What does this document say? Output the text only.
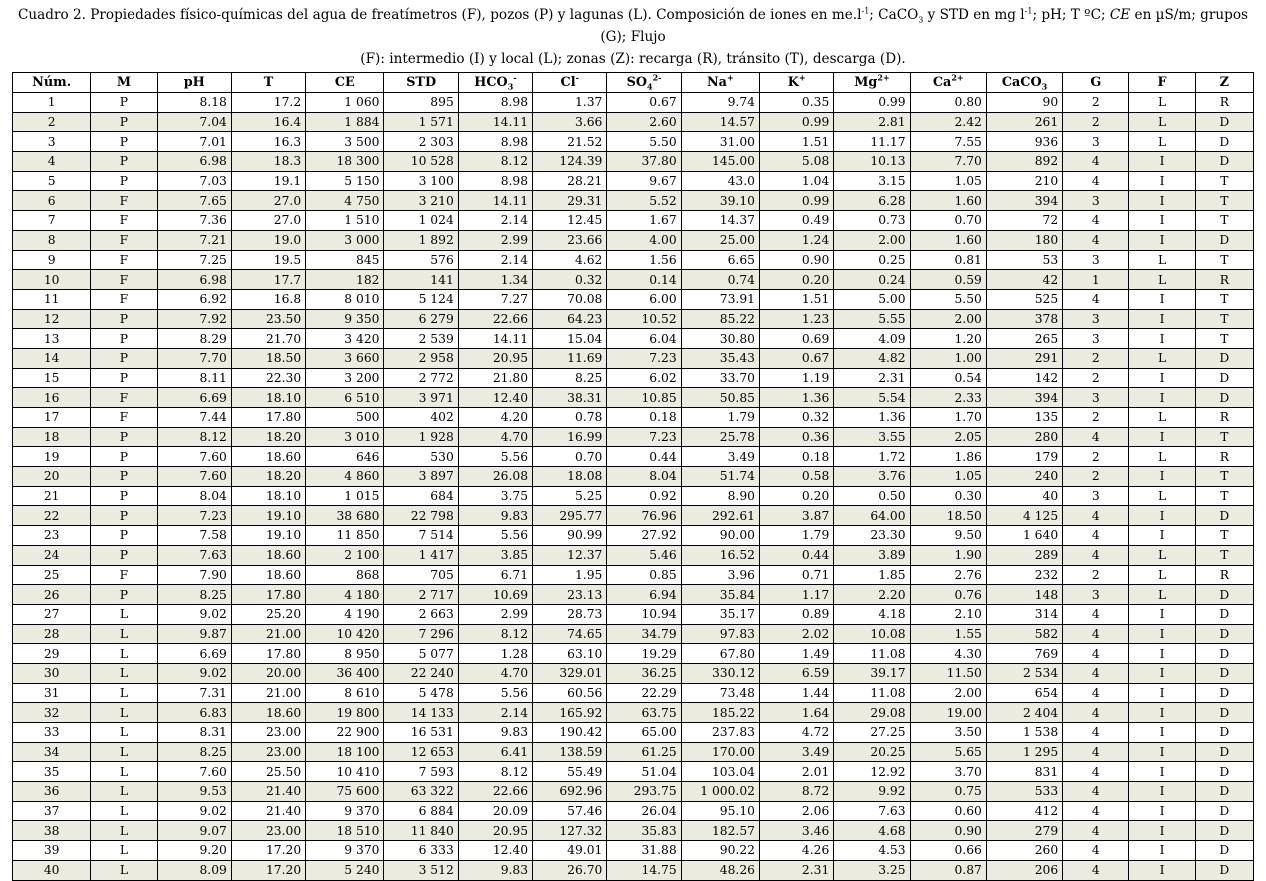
Cuadro 2. Propiedades físico-químicas del agua de freatímetros (F), pozos (P) y lagunas (L). Composición de iones en $me.l^{-1}$; CaCO$_3$ y STD en mg $l^{-1}$; pH; T ºC; CE en µS/m; grupos (G); Flujo
(F): intermedio (I) y local (L); zonas (Z): recarga (R), tránsito (T), descarga (D).
Núm.	M	pH	T	CE	STD	$HCO_3^-$	Cl-	$SO_4^{2-}$	Na+	K+	$Mg^{2+}$	$Ca^{2+}$	CaCO$_3$	G	F	Z
1	P	8.18	17.2	1 060	895	8.98	1.37	0.67	9.74	0.35	0.99	0.80	90	2	L	R
2	P	7.04	16.4	1 884	1 571	14.11	3.66	2.60	14.57	0.99	2.81	2.42	261	2	L	D
3	P	7.01	16.3	3 500	2 303	8.98	21.52	5.50	31.00	1.51	11.17	7.55	936	3	L	D
4	P	6.98	18.3	18 300	10 528	8.12	124.39	37.80	145.00	5.08	10.13	7.70	892	4	I	D
5	P	7.03	19.1	5 150	3 100	8.98	28.21	9.67	43.0	1.04	3.15	1.05	210	4	I	T
6	F	7.65	27.0	4 750	3 210	14.11	29.31	5.52	39.10	0.99	6.28	1.60	394	3	I	T
7	F	7.36	27.0	1 510	1 024	2.14	12.45	1.67	14.37	0.49	0.73	0.70	72	4	I	T
8	F	7.21	19.0	3 000	1 892	2.99	23.66	4.00	25.00	1.24	2.00	1.60	180	4	I	D
9	F	7.25	19.5	845	576	2.14	4.62	1.56	6.65	0.90	0.25	0.81	53	3	L	T
10	F	6.98	17.7	182	141	1.34	0.32	0.14	0.74	0.20	0.24	0.59	42	1	L	R
11	F	6.92	16.8	8 010	5 124	7.27	70.08	6.00	73.91	1.51	5.00	5.50	525	4	I	T
12	P	7.92	23.50	9 350	6 279	22.66	64.23	10.52	85.22	1.23	5.55	2.00	378	3	I	T
13	P	8.29	21.70	3 420	2 539	14.11	15.04	6.04	30.80	0.69	4.09	1.20	265	3	I	T
14	P	7.70	18.50	3 660	2 958	20.95	11.69	7.23	35.43	0.67	4.82	1.00	291	2	L	D
15	P	8.11	22.30	3 200	2 772	21.80	8.25	6.02	33.70	1.19	2.31	0.54	142	2	I	D
16	F	6.69	18.10	6 510	3 971	12.40	38.31	10.85	50.85	1.36	5.54	2.33	394	3	I	D
17	F	7.44	17.80	500	402	4.20	0.78	0.18	1.79	0.32	1.36	1.70	135	2	L	R
18	P	8.12	18.20	3 010	1 928	4.70	16.99	7.23	25.78	0.36	3.55	2.05	280	4	I	T
19	P	7.60	18.60	646	530	5.56	0.70	0.44	3.49	0.18	1.72	1.86	179	2	L	R
20	P	7.60	18.20	4 860	3 897	26.08	18.08	8.04	51.74	0.58	3.76	1.05	240	2	I	T
21	P	8.04	18.10	1 015	684	3.75	5.25	0.92	8.90	0.20	0.50	0.30	40	3	L	T
22	P	7.23	19.10	38 680	22 798	9.83	295.77	76.96	292.61	3.87	64.00	18.50	4 125	4	I	D
23	P	7.58	19.10	11 850	7 514	5.56	90.99	27.92	90.00	1.79	23.30	9.50	1 640	4	I	T
24	P	7.63	18.60	2 100	1 417	3.85	12.37	5.46	16.52	0.44	3.89	1.90	289	4	L	T
25	F	7.90	18.60	868	705	6.71	1.95	0.85	3.96	0.71	1.85	2.76	232	2	L	R
26	P	8.25	17.80	4 180	2 717	10.69	23.13	6.94	35.84	1.17	2.20	0.76	148	3	L	D
27	L	9.02	25.20	4 190	2 663	2.99	28.73	10.94	35.17	0.89	4.18	2.10	314	4	I	D
28	L	9.87	21.00	10 420	7 296	8.12	74.65	34.79	97.83	2.02	10.08	1.55	582	4	I	D
29	L	6.69	17.80	8 950	5 077	1.28	63.10	19.29	67.80	1.49	11.08	4.30	769	4	I	D
30	L	9.02	20.00	36 400	22 240	4.70	329.01	36.25	330.12	6.59	39.17	11.50	2 534	4	I	D
31	L	7.31	21.00	8 610	5 478	5.56	60.56	22.29	73.48	1.44	11.08	2.00	654	4	I	D
32	L	6.83	18.60	19 800	14 133	2.14	165.92	63.75	185.22	1.64	29.08	19.00	2 404	4	I	D
33	L	8.31	23.00	22 900	16 531	9.83	190.42	65.00	237.83	4.72	27.25	3.50	1 538	4	I	D
34	L	8.25	23.00	18 100	12 653	6.41	138.59	61.25	170.00	3.49	20.25	5.65	1 295	4	I	D
35	L	7.60	25.50	10 410	7 593	8.12	55.49	51.04	103.04	2.01	12.92	3.70	831	4	I	D
36	L	9.53	21.40	75 600	63 322	22.66	692.96	293.75	1 000.02	8.72	9.92	0.75	533	4	I	D
37	L	9.02	21.40	9 370	6 884	20.09	57.46	26.04	95.10	2.06	7.63	0.60	412	4	I	D
38	L	9.07	23.00	18 510	11 840	20.95	127.32	35.83	182.57	3.46	4.68	0.90	279	4	I	D
39	L	9.20	17.20	9 370	6 333	12.40	49.01	31.88	90.22	4.26	4.53	0.66	260	4	I	D
40	L	8.09	17.20	5 240	3 512	9.83	26.70	14.75	48.26	2.31	3.25	0.87	206	4	I	D
